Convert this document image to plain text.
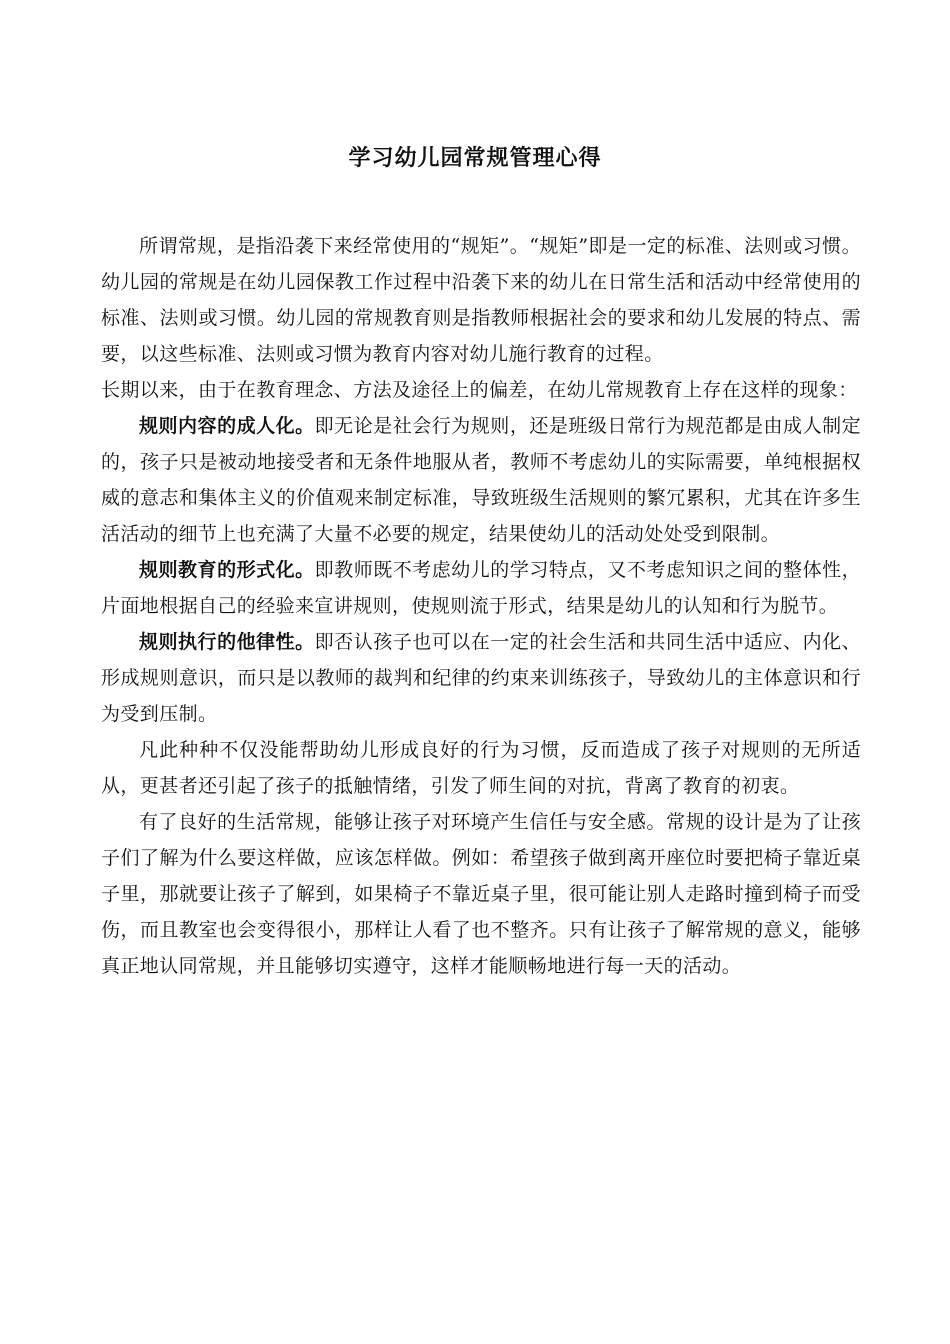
学习幼儿园常规管理心得

所谓常规，是指沿袭下来经常使用的“规矩”。“规矩”即是一定的标准、法则或习惯。幼儿园的常规是在幼儿园保教工作过程中沿袭下来的幼儿在日常生活和活动中经常使用的标准、法则或习惯。幼儿园的常规教育则是指教师根据社会的要求和幼儿发展的特点、需要，以这些标准、法则或习惯为教育内容对幼儿施行教育的过程。

长期以来，由于在教育理念、方法及途径上的偏差，在幼儿常规教育上存在这样的现象：

规则内容的成人化。即无论是社会行为规则，还是班级日常行为规范都是由成人制定的，孩子只是被动地接受者和无条件地服从者，教师不考虑幼儿的实际需要，单纯根据权威的意志和集体主义的价值观来制定标准，导致班级生活规则的繁冗累积，尤其在许多生活活动的细节上也充满了大量不必要的规定，结果使幼儿的活动处处受到限制。

规则教育的形式化。即教师既不考虑幼儿的学习特点，又不考虑知识之间的整体性，片面地根据自己的经验来宣讲规则，使规则流于形式，结果是幼儿的认知和行为脱节。

规则执行的他律性。即否认孩子也可以在一定的社会生活和共同生活中适应、内化、形成规则意识，而只是以教师的裁判和纪律的约束来训练孩子，导致幼儿的主体意识和行为受到压制。

凡此种种不仅没能帮助幼儿形成良好的行为习惯，反而造成了孩子对规则的无所适从，更甚者还引起了孩子的抵触情绪，引发了师生间的对抗，背离了教育的初衷。

有了良好的生活常规，能够让孩子对环境产生信任与安全感。常规的设计是为了让孩子们了解为什么要这样做，应该怎样做。例如：希望孩子做到离开座位时要把椅子靠近桌子里，那就要让孩子了解到，如果椅子不靠近桌子里，很可能让别人走路时撞到椅子而受伤，而且教室也会变得很小，那样让人看了也不整齐。只有让孩子了解常规的意义，能够真正地认同常规，并且能够切实遵守，这样才能顺畅地进行每一天的活动。
